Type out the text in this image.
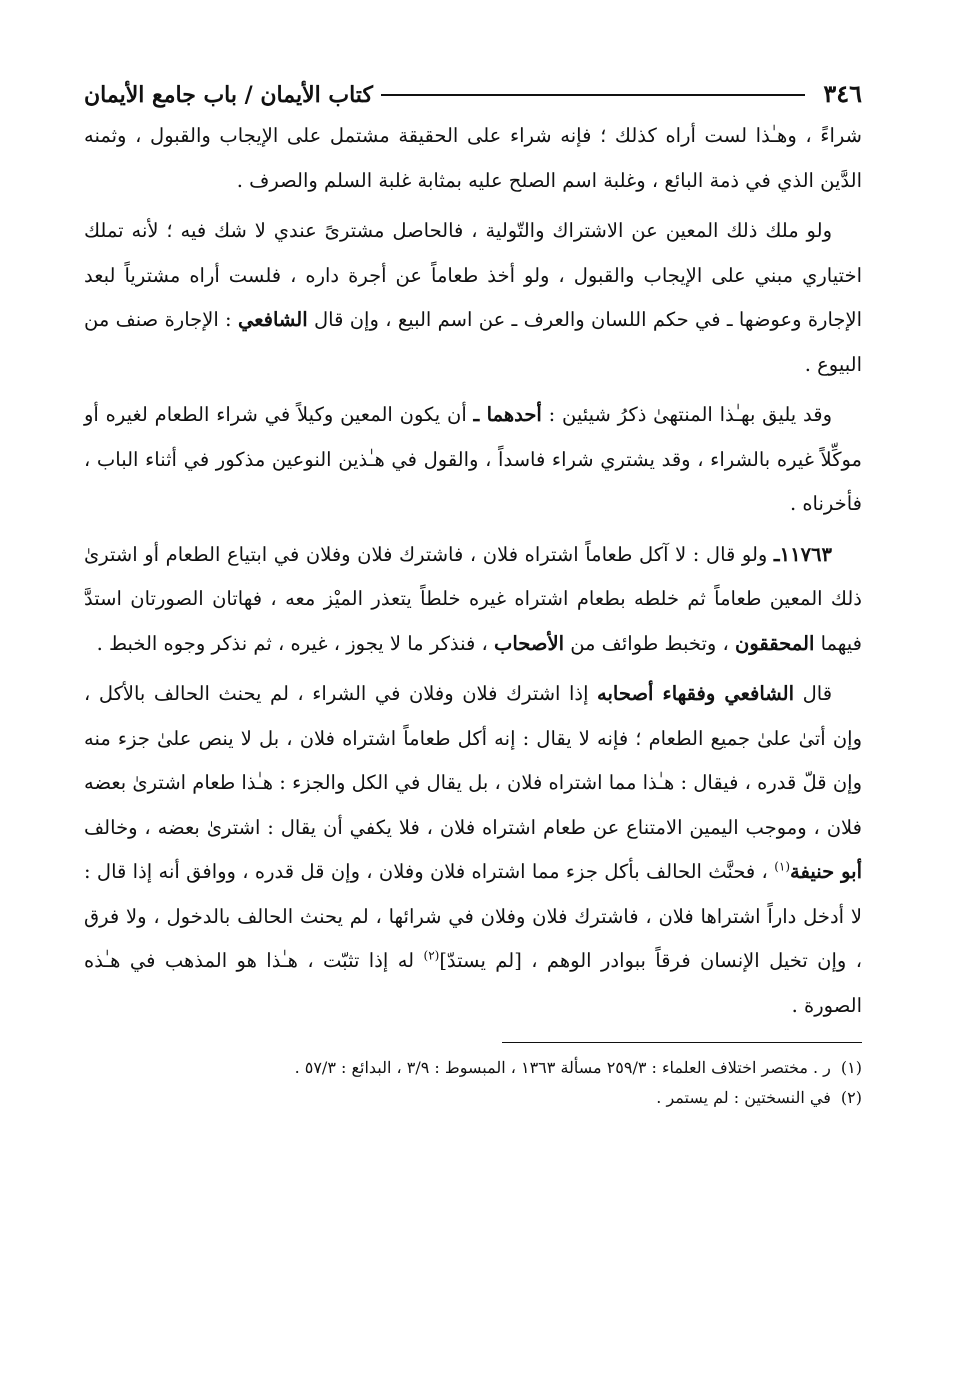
٣٤٦
كتاب الأيمان / باب جامع الأيمان

شراءً ، وهـٰذا لست أراه كذلك ؛ فإنه شراء على الحقيقة مشتمل على الإيجاب والقبول ، وثمنه الدَّين الذي في ذمة البائع ، وغلبة اسم الصلح عليه بمثابة غلبة السلم والصرف .

ولو ملك ذلك المعين عن الاشتراك والتّولية ، فالحاصل مشترىً عندي لا شك فيه ؛ لأنه تملك اختياري مبني على الإيجاب والقبول ، ولو أخذ طعاماً عن أجرة داره ، فلست أراه مشترياً لبعد الإجارة وعوضها ـ في حكم اللسان والعرف ـ عن اسم البيع ، وإن قال الشافعي : الإجارة صنف من البيوع .

وقد يليق بهـٰذا المنتهىٰ ذكرُ شيئين : أحدهما ـ أن يكون المعين وكيلاً في شراء الطعام لغيره أو موكِّلاً غيره بالشراء ، وقد يشتري شراء فاسداً ، والقول في هـٰذين النوعين مذكور في أثناء الباب ، فأخرناه .

١١٧٦٣ـ ولو قال : لا آكل طعاماً اشتراه فلان ، فاشترك فلان وفلان في ابتياع الطعام أو اشترىٰ ذلك المعين طعاماً ثم خلطه بطعام اشتراه غيره خلطاً يتعذر الميْز معه ، فهاتان الصورتان استدَّ فيهما المحققون ، وتخبط طوائف من الأصحاب ، فنذكر ما لا يجوز ، غيره ، ثم نذكر وجوه الخبط .

قال الشافعي وفقهاء أصحابه إذا اشترك فلان وفلان في الشراء ، لم يحنث الحالف بالأكل ، وإن أتىٰ علىٰ جميع الطعام ؛ فإنه لا يقال : إنه أكل طعاماً اشتراه فلان ، بل لا ينص علىٰ جزء منه وإن قلّ قدره ، فيقال : هـٰذا مما اشتراه فلان ، بل يقال في الكل والجزء : هـٰذا طعام اشترىٰ بعضه فلان ، وموجب اليمين الامتناع عن طعام اشتراه فلان ، فلا يكفي أن يقال : اشترىٰ بعضه ، وخالف أبو حنيفة$^{(١)}$ ، فحنَّث الحالف بأكل جزء مما اشتراه فلان وفلان ، وإن قل قدره ، ووافق أنه إذا قال : لا أدخل داراً اشتراها فلان ، فاشترك فلان وفلان في شرائها ، لم يحنث الحالف بالدخول ، ولا فرق ، وإن تخيل الإنسان فرقاً ببوادر الوهم ، [لم يستدّ]$^{(٢)}$ له إذا تثبّت ، هـٰذا هو المذهب في هـٰذه الصورة .

(١)
ر . مختصر اختلاف العلماء : ٢٥٩/٣ مسألة ١٣٦٣ ، المبسوط : ٣/٩ ، البدائع : ٥٧/٣ .
(٢)
في النسختين : لم يستمر .
